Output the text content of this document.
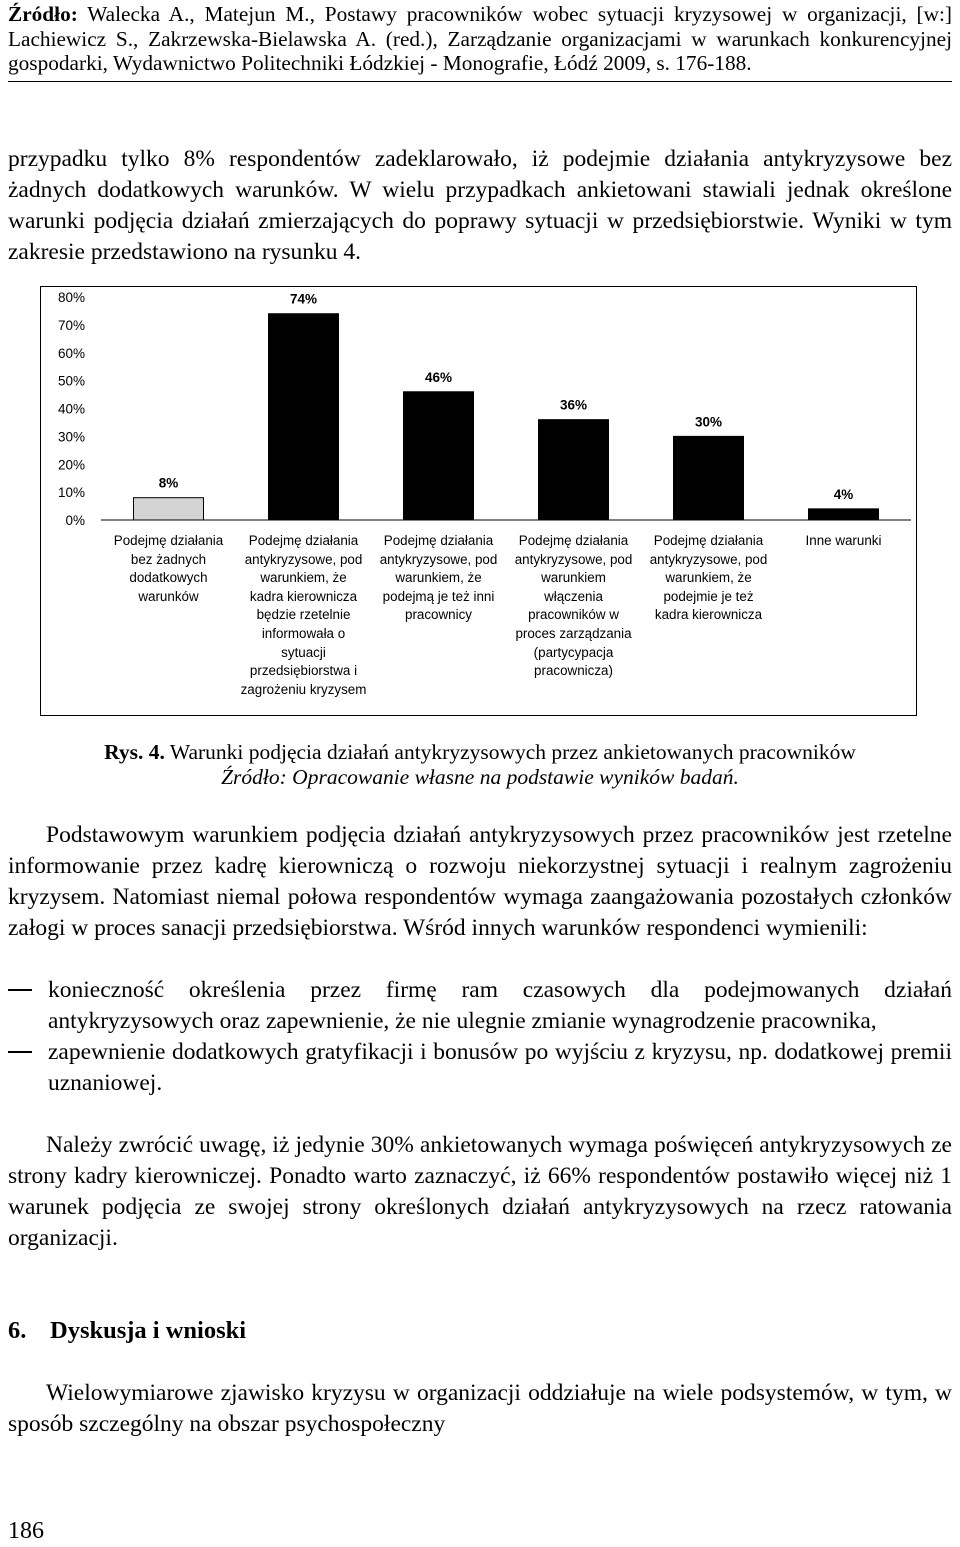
Źródło: Walecka A., Matejun M., Postawy pracowników wobec sytuacji kryzysowej w organizacji, [w:] Lachiewicz S., Zakrzewska-Bielawska A. (red.), Zarządzanie organizacjami w warunkach konkurencyjnej gospodarki, Wydawnictwo Politechniki Łódzkiej - Monografie, Łódź 2009, s. 176-188.

przypadku tylko 8% respondentów zadeklarowało, iż podejmie działania antykryzysowe bez żadnych dodatkowych warunków. W wielu przypadkach ankietowani stawiali jednak określone warunki podjęcia działań zmierzających do poprawy sytuacji w przedsiębiorstwie. Wyniki w tym zakresie przedstawiono na rysunku 4.

0%
10%
20%
30%
40%
50%
60%
70%
80%
8%
74%
46%
36%
30%
4%
Podejmę działania
bez żadnych
dodatkowych
warunków
Podejmę działania
antykryzysowe, pod
warunkiem, że
kadra kierownicza
będzie rzetelnie
informowała o
sytuacji
przedsiębiorstwa i
zagrożeniu kryzysem
Podejmę działania
antykryzysowe, pod
warunkiem, że
podejmą je też inni
pracownicy
Podejmę działania
antykryzysowe, pod
warunkiem
włączenia
pracowników w
proces zarządzania
(partycypacja
pracownicza)
Podejmę działania
antykryzysowe, pod
warunkiem, że
podejmie je też
kadra kierownicza
Inne warunki
Rys. 4. Warunki podjęcia działań antykryzysowych przez ankietowanych pracowników
Źródło: Opracowanie własne na podstawie wyników badań.

Podstawowym warunkiem podjęcia działań antykryzysowych przez pracowników jest rzetelne informowanie przez kadrę kierowniczą o rozwoju niekorzystnej sytuacji i realnym zagrożeniu kryzysem. Natomiast niemal połowa respondentów wymaga zaangażowania pozostałych członków załogi w proces sanacji przedsiębiorstwa. Wśród innych warunków respondenci wymienili:

konieczność określenia przez firmę ram czasowych dla podejmowanych działań antykryzysowych oraz zapewnienie, że nie ulegnie zmianie wynagrodzenie pracownika,
zapewnienie dodatkowych gratyfikacji i bonusów po wyjściu z kryzysu, np. dodatkowej premii uznaniowej.

Należy zwrócić uwagę, iż jedynie 30% ankietowanych wymaga poświęceń antykryzysowych ze strony kadry kierowniczej. Ponadto warto zaznaczyć, iż 66% respondentów postawiło więcej niż 1 warunek podjęcia ze swojej strony określonych działań antykryzysowych na rzecz ratowania organizacji.

6. Dyskusja i wnioski

Wielowymiarowe zjawisko kryzysu w organizacji oddziałuje na wiele podsystemów, w tym, w sposób szczególny na obszar psychospołeczny

186
